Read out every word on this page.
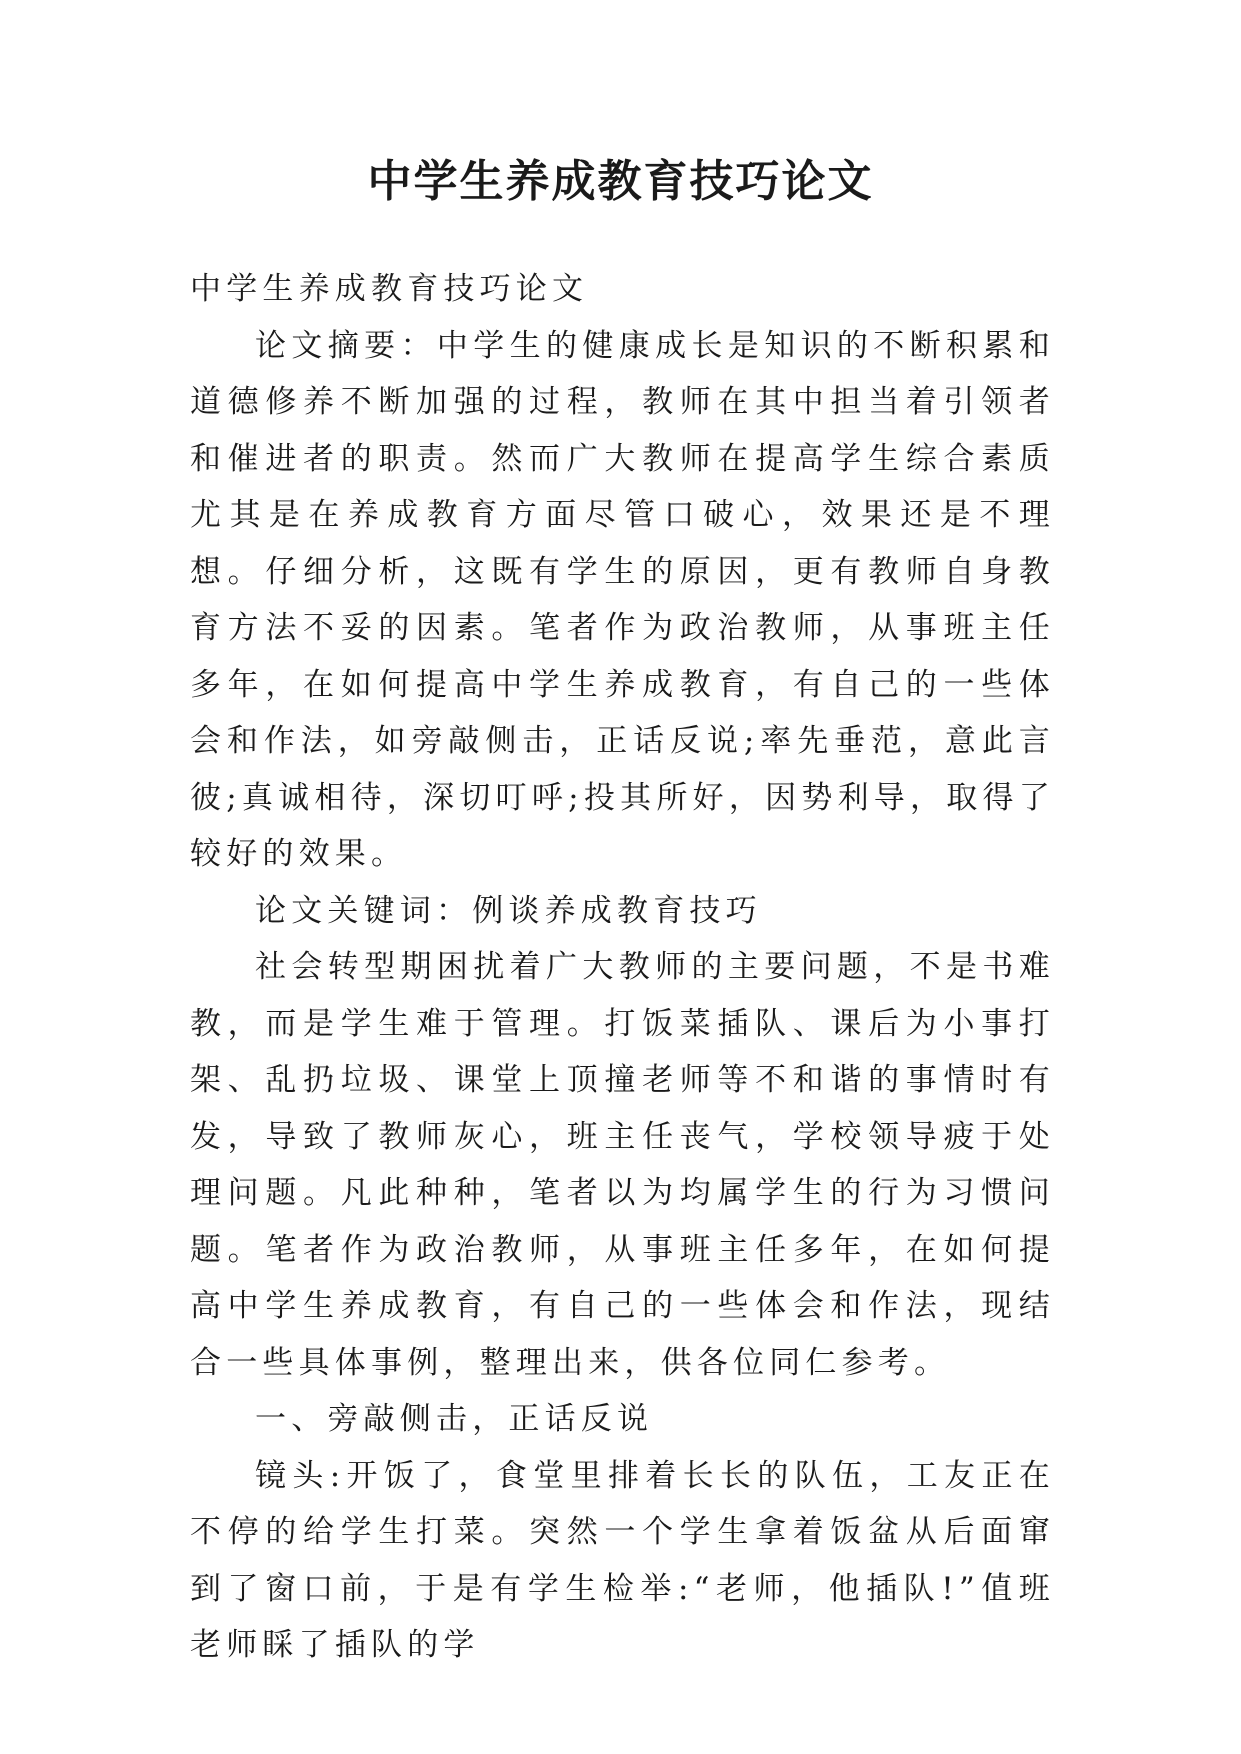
中学生养成教育技巧论文

中学生养成教育技巧论文

论文摘要：中学生的健康成长是知识的不断积累和道德修养不断加强的过程，教师在其中担当着引领者和催进者的职责。然而广大教师在提高学生综合素质尤其是在养成教育方面尽管口破心，效果还是不理想。仔细分析，这既有学生的原因，更有教师自身教育方法不妥的因素。笔者作为政治教师，从事班主任多年，在如何提高中学生养成教育，有自己的一些体会和作法，如旁敲侧击，正话反说;率先垂范，意此言彼;真诚相待，深切叮呼;投其所好，因势利导，取得了较好的效果。

论文关键词：例谈养成教育技巧

社会转型期困扰着广大教师的主要问题，不是书难教，而是学生难于管理。打饭菜插队、课后为小事打架、乱扔垃圾、课堂上顶撞老师等不和谐的事情时有发，导致了教师灰心，班主任丧气，学校领导疲于处理问题。凡此种种，笔者以为均属学生的行为习惯问题。笔者作为政治教师，从事班主任多年，在如何提高中学生养成教育，有自己的一些体会和作法，现结合一些具体事例，整理出来，供各位同仁参考。

一、旁敲侧击，正话反说

镜头:开饭了，食堂里排着长长的队伍，工友正在不停的给学生打菜。突然一个学生拿着饭盆从后面窜到了窗口前，于是有学生检举:“老师，他插队!”值班老师睬了插队的学
